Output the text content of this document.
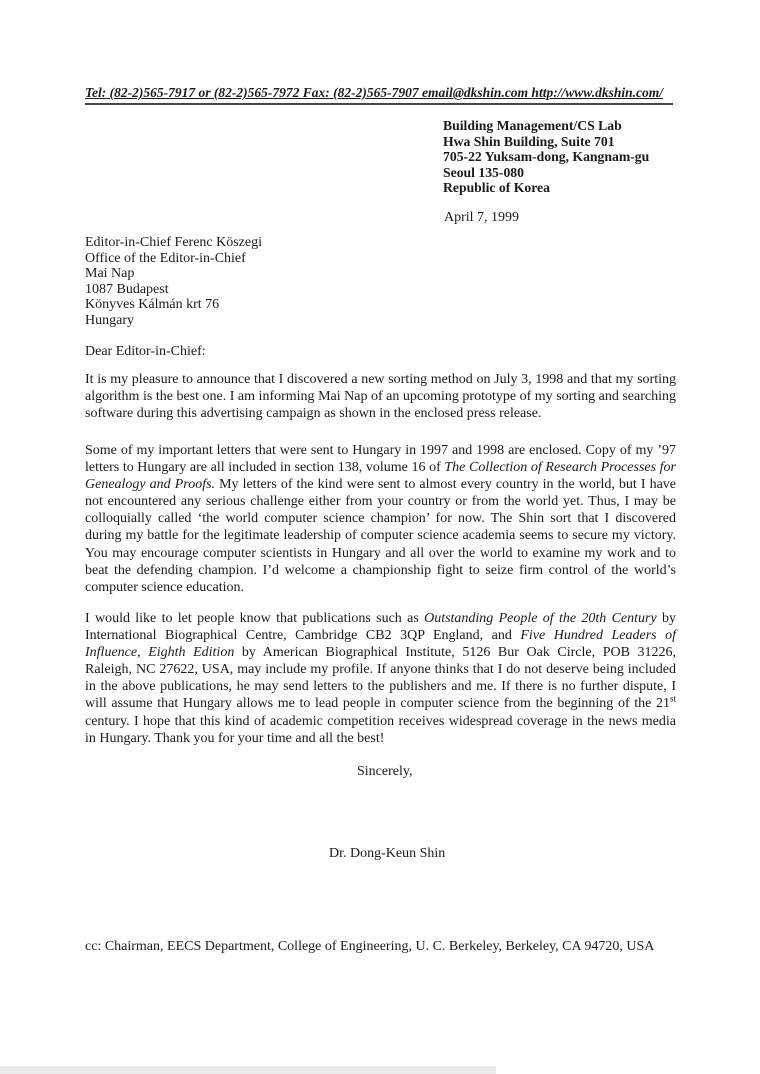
Tel: (82-2)565-7917 or (82-2)565-7972 Fax: (82-2)565-7907 email@dkshin.com http://www.dkshin.com/
Building Management/CS Lab
Hwa Shin Building, Suite 701
705-22 Yuksam-dong, Kangnam-gu
Seoul 135-080
Republic of Korea
April 7, 1999
Editor-in-Chief Ferenc Köszegi
Office of the Editor-in-Chief
Mai Nap
1087 Budapest
Könyves Kálmán krt 76
Hungary
Dear Editor-in-Chief:

It is my pleasure to announce that I discovered a new sorting method on July 3, 1998 and that my sorting algorithm is the best one. I am informing Mai Nap of an upcoming prototype of my sorting and searching software during this advertising campaign as shown in the enclosed press release.

Some of my important letters that were sent to Hungary in 1997 and 1998 are enclosed. Copy of my ’97 letters to Hungary are all included in section 138, volume 16 of The Collection of Research Processes for Genealogy and Proofs. My letters of the kind were sent to almost every country in the world, but I have not encountered any serious challenge either from your country or from the world yet. Thus, I may be colloquially called ‘the world computer science champion’ for now. The Shin sort that I discovered during my battle for the legitimate leadership of computer science academia seems to secure my victory. You may encourage computer scientists in Hungary and all over the world to examine my work and to beat the defending champion. I’d welcome a championship fight to seize firm control of the world’s computer science education.

I would like to let people know that publications such as Outstanding People of the 20th Century by International Biographical Centre, Cambridge CB2 3QP England, and Five Hundred Leaders of Influence, Eighth Edition by American Biographical Institute, 5126 Bur Oak Circle, POB 31226, Raleigh, NC 27622, USA, may include my profile. If anyone thinks that I do not deserve being included in the above publications, he may send letters to the publishers and me. If there is no further dispute, I will assume that Hungary allows me to lead people in computer science from the beginning of the 21st century. I hope that this kind of academic competition receives widespread coverage in the news media in Hungary. Thank you for your time and all the best!

Sincerely,
Dr. Dong-Keun Shin
cc: Chairman, EECS Department, College of Engineering, U. C. Berkeley, Berkeley, CA 94720, USA
